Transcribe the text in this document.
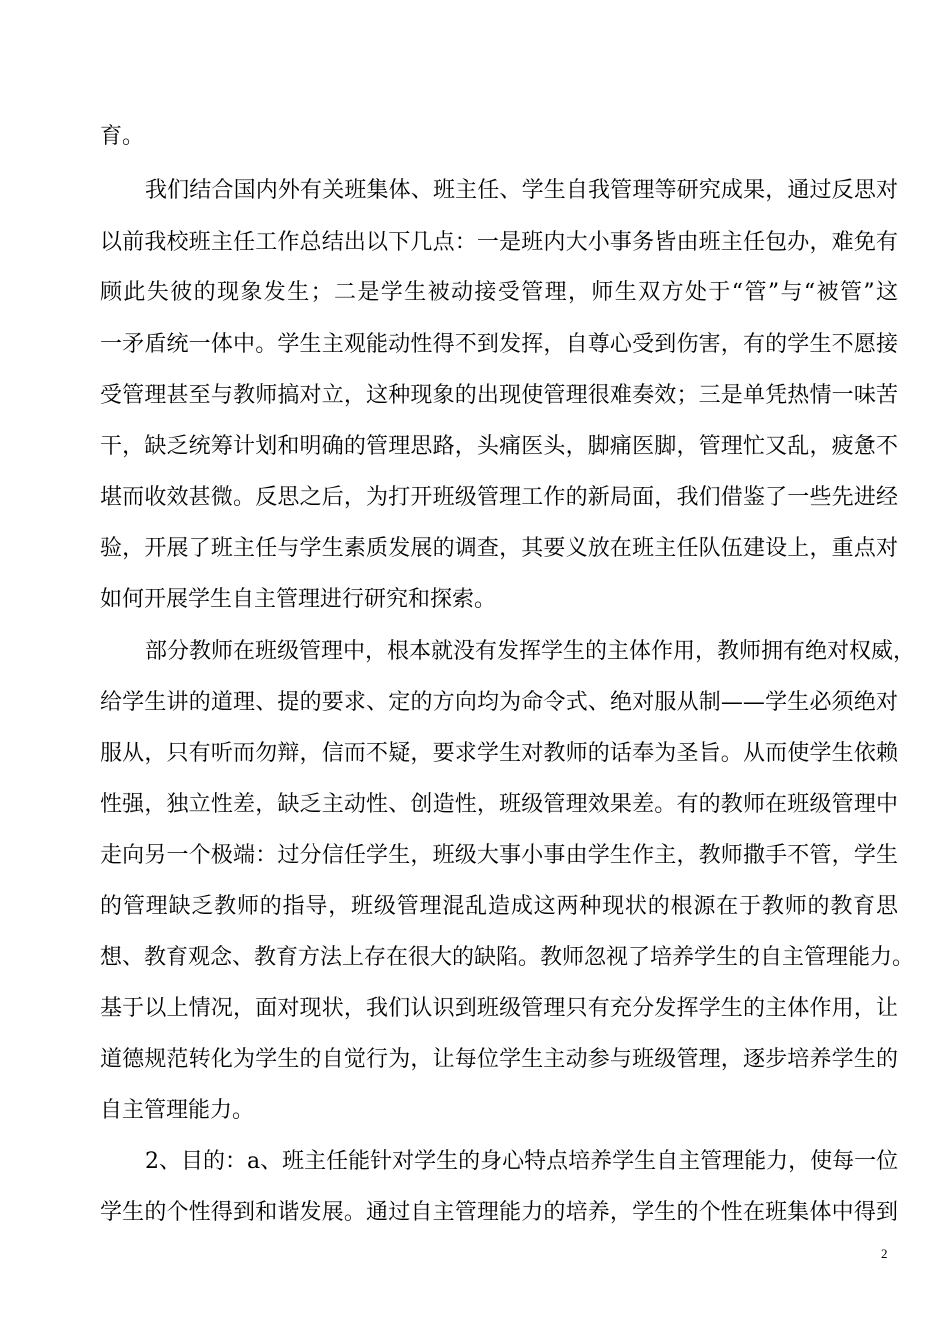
育。
我们结合国内外有关班集体、班主任、学生自我管理等研究成果，通过反思对
以前我校班主任工作总结出以下几点：一是班内大小事务皆由班主任包办，难免有
顾此失彼的现象发生；二是学生被动接受管理，师生双方处于“管”与“被管”这
一矛盾统一体中。学生主观能动性得不到发挥，自尊心受到伤害，有的学生不愿接
受管理甚至与教师搞对立，这种现象的出现使管理很难奏效；三是单凭热情一味苦
干，缺乏统筹计划和明确的管理思路，头痛医头，脚痛医脚，管理忙又乱，疲惫不
堪而收效甚微。反思之后，为打开班级管理工作的新局面，我们借鉴了一些先进经
验，开展了班主任与学生素质发展的调查，其要义放在班主任队伍建设上，重点对
如何开展学生自主管理进行研究和探索。
部分教师在班级管理中，根本就没有发挥学生的主体作用，教师拥有绝对权威，
给学生讲的道理、提的要求、定的方向均为命令式、绝对服从制——学生必须绝对
服从，只有听而勿辩，信而不疑，要求学生对教师的话奉为圣旨。从而使学生依赖
性强，独立性差，缺乏主动性、创造性，班级管理效果差。有的教师在班级管理中
走向另一个极端：过分信任学生，班级大事小事由学生作主，教师撒手不管，学生
的管理缺乏教师的指导，班级管理混乱造成这两种现状的根源在于教师的教育思
想、教育观念、教育方法上存在很大的缺陷。教师忽视了培养学生的自主管理能力。
基于以上情况，面对现状，我们认识到班级管理只有充分发挥学生的主体作用，让
道德规范转化为学生的自觉行为，让每位学生主动参与班级管理，逐步培养学生的
自主管理能力。
2、目的：a、班主任能针对学生的身心特点培养学生自主管理能力，使每一位
学生的个性得到和谐发展。通过自主管理能力的培养，学生的个性在班集体中得到
2
